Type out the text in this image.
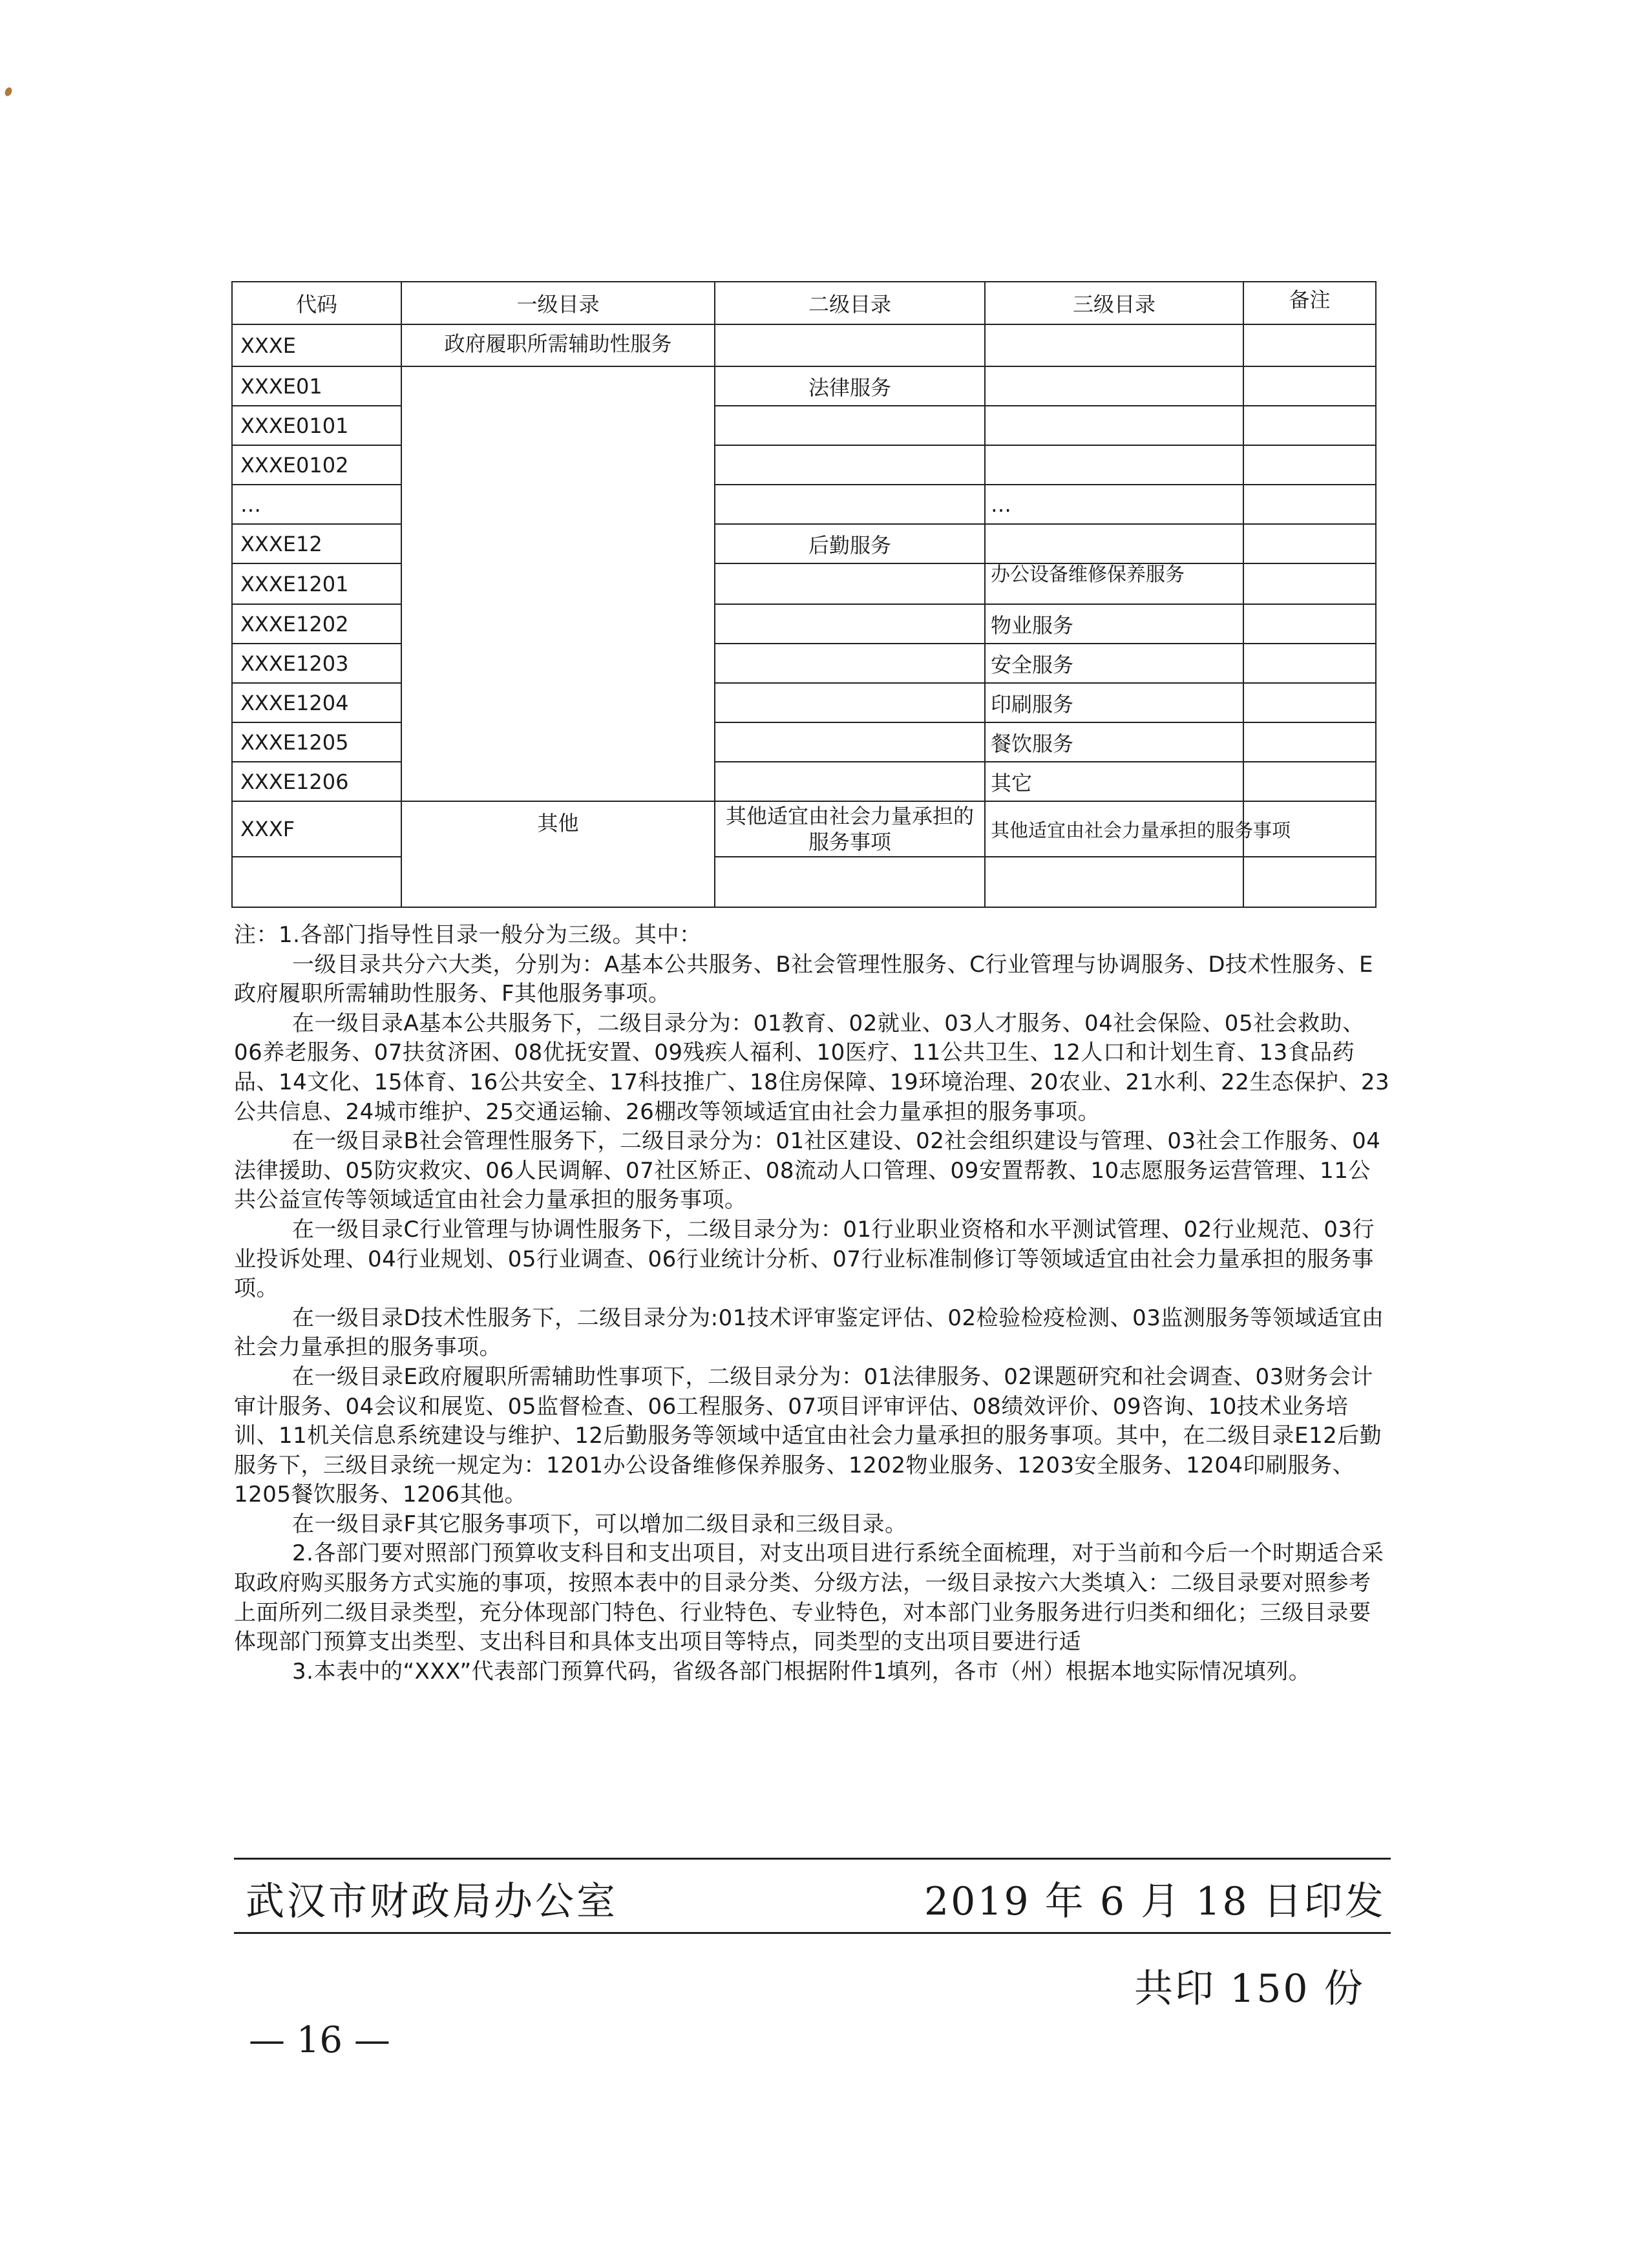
代码	一级目录	二级目录	三级目录	备注
XXXE	政府履职所需辅助性服务			
XXXE01		法律服务		
XXXE0101				
XXXE0102				
…			…	
XXXE12		后勤服务		
XXXE1201			办公设备维修保养服务	
XXXE1202			物业服务	
XXXE1203			安全服务	
XXXE1204			印刷服务	
XXXE1205			餐饮服务	
XXXE1206			其它	
XXXF	其他	其他适宜由社会力量承担的服务事项	其他适宜由社会力量承担的服务事项	

注：1.各部门指导性目录一般分为三级。其中：

一级目录共分六大类，分别为：A基本公共服务、B社会管理性服务、C行业管理与协调服务、D技术性服务、E政府履职所需辅助性服务、F其他服务事项。

在一级目录A基本公共服务下，二级目录分为：01教育、02就业、03人才服务、04社会保险、05社会救助、06养老服务、07扶贫济困、08优抚安置、09残疾人福利、10医疗、11公共卫生、12人口和计划生育、13食品药品、14文化、15体育、16公共安全、17科技推广、18住房保障、19环境治理、20农业、21水利、22生态保护、23公共信息、24城市维护、25交通运输、26棚改等领域适宜由社会力量承担的服务事项。

在一级目录B社会管理性服务下，二级目录分为：01社区建设、02社会组织建设与管理、03社会工作服务、04法律援助、05防灾救灾、06人民调解、07社区矫正、08流动人口管理、09安置帮教、10志愿服务运营管理、11公共公益宣传等领域适宜由社会力量承担的服务事项。

在一级目录C行业管理与协调性服务下，二级目录分为：01行业职业资格和水平测试管理、02行业规范、03行业投诉处理、04行业规划、05行业调查、06行业统计分析、07行业标准制修订等领域适宜由社会力量承担的服务事项。

在一级目录D技术性服务下，二级目录分为:01技术评审鉴定评估、02检验检疫检测、03监测服务等领域适宜由社会力量承担的服务事项。

在一级目录E政府履职所需辅助性事项下，二级目录分为：01法律服务、02课题研究和社会调查、03财务会计审计服务、04会议和展览、05监督检查、06工程服务、07项目评审评估、08绩效评价、09咨询、10技术业务培训、11机关信息系统建设与维护、12后勤服务等领域中适宜由社会力量承担的服务事项。其中，在二级目录E12后勤服务下，三级目录统一规定为：1201办公设备维修保养服务、1202物业服务、1203安全服务、1204印刷服务、1205餐饮服务、1206其他。

在一级目录F其它服务事项下，可以增加二级目录和三级目录。

2.各部门要对照部门预算收支科目和支出项目，对支出项目进行系统全面梳理，对于当前和今后一个时期适合采取政府购买服务方式实施的事项，按照本表中的目录分类、分级方法，一级目录按六大类填入：二级目录要对照参考上面所列二级目录类型，充分体现部门特色、行业特色、专业特色，对本部门业务服务进行归类和细化；三级目录要体现部门预算支出类型、支出科目和具体支出项目等特点，同类型的支出项目要进行适

3.本表中的“XXX”代表部门预算代码，省级各部门根据附件1填列，各市（州）根据本地实际情况填列。

武汉市财政局办公室	2019 年 6 月 18 日印发
共印 150 份
— 16 —
